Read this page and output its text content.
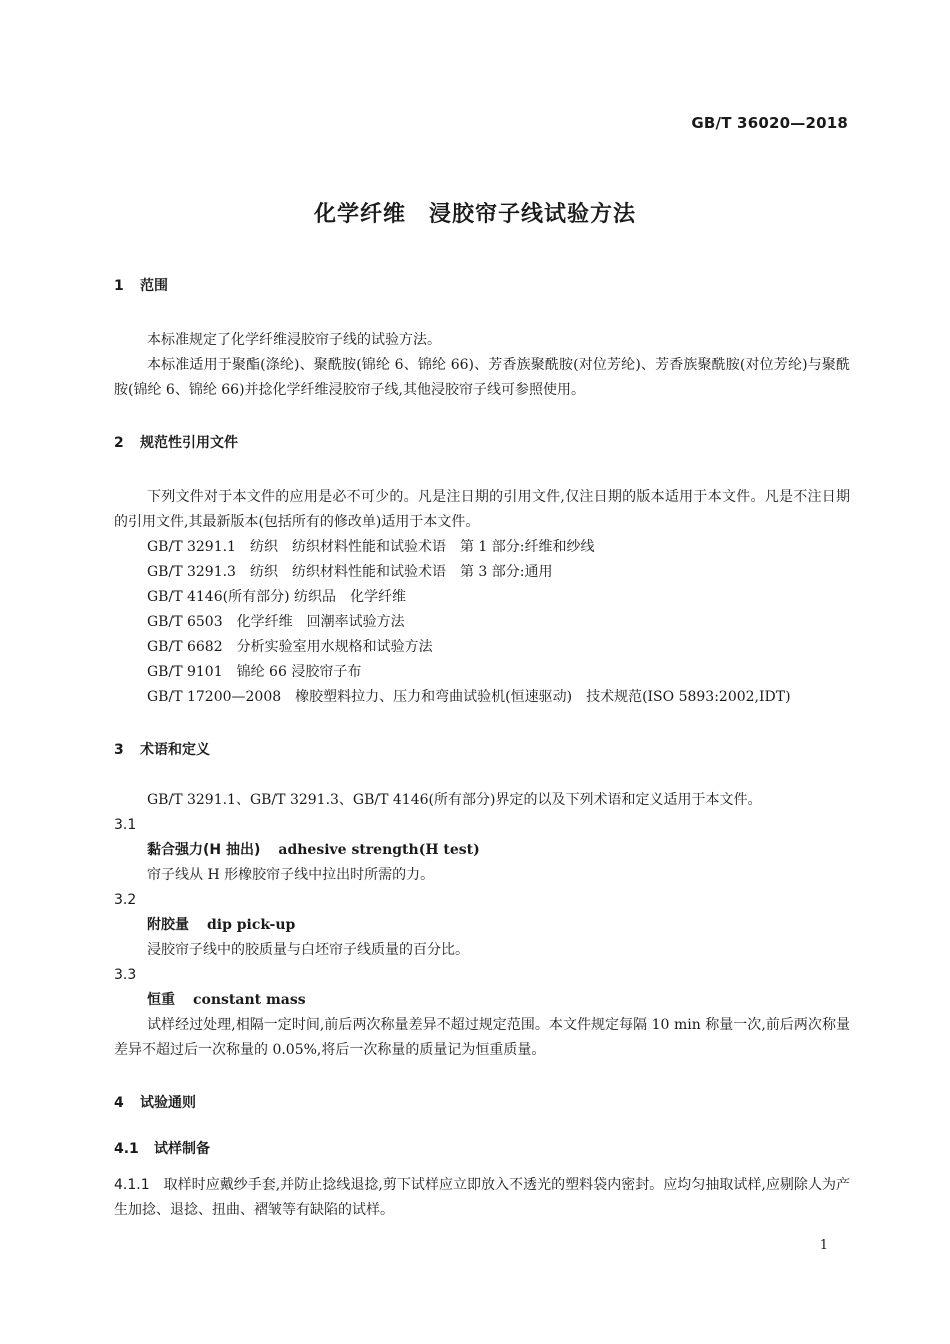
GB/T 36020—2018
化学纤维　浸胶帘子线试验方法
1 范围
本标准规定了化学纤维浸胶帘子线的试验方法。
本标准适用于聚酯(涤纶)、聚酰胺(锦纶 6、锦纶 66)、芳香族聚酰胺(对位芳纶)、芳香族聚酰胺(对位芳纶)与聚酰胺(锦纶 6、锦纶 66)并捻化学纤维浸胶帘子线,其他浸胶帘子线可参照使用。
2 规范性引用文件
下列文件对于本文件的应用是必不可少的。凡是注日期的引用文件,仅注日期的版本适用于本文件。凡是不注日期的引用文件,其最新版本(包括所有的修改单)适用于本文件。
GB/T 3291.1　纺织　纺织材料性能和试验术语　第 1 部分:纤维和纱线
GB/T 3291.3　纺织　纺织材料性能和试验术语　第 3 部分:通用
GB/T 4146(所有部分) 纺织品　化学纤维
GB/T 6503　化学纤维　回潮率试验方法
GB/T 6682　分析实验室用水规格和试验方法
GB/T 9101　锦纶 66 浸胶帘子布
GB/T 17200—2008　橡胶塑料拉力、压力和弯曲试验机(恒速驱动)　技术规范(ISO 5893:2002,IDT)
3 术语和定义
GB/T 3291.1、GB/T 3291.3、GB/T 4146(所有部分)界定的以及下列术语和定义适用于本文件。
3.1
黏合强力(H 抽出) adhesive strength(H test)
帘子线从 H 形橡胶帘子线中拉出时所需的力。
3.2
附胶量 dip pick-up
浸胶帘子线中的胶质量与白坯帘子线质量的百分比。
3.3
恒重 constant mass
试样经过处理,相隔一定时间,前后两次称量差异不超过规定范围。本文件规定每隔 10 min 称量一次,前后两次称量差异不超过后一次称量的 0.05%,将后一次称量的质量记为恒重质量。
4 试验通则
4.1 试样制备
4.1.1 取样时应戴纱手套,并防止捻线退捻,剪下试样应立即放入不透光的塑料袋内密封。应均匀抽取试样,应剔除人为产生加捻、退捻、扭曲、褶皱等有缺陷的试样。
1
